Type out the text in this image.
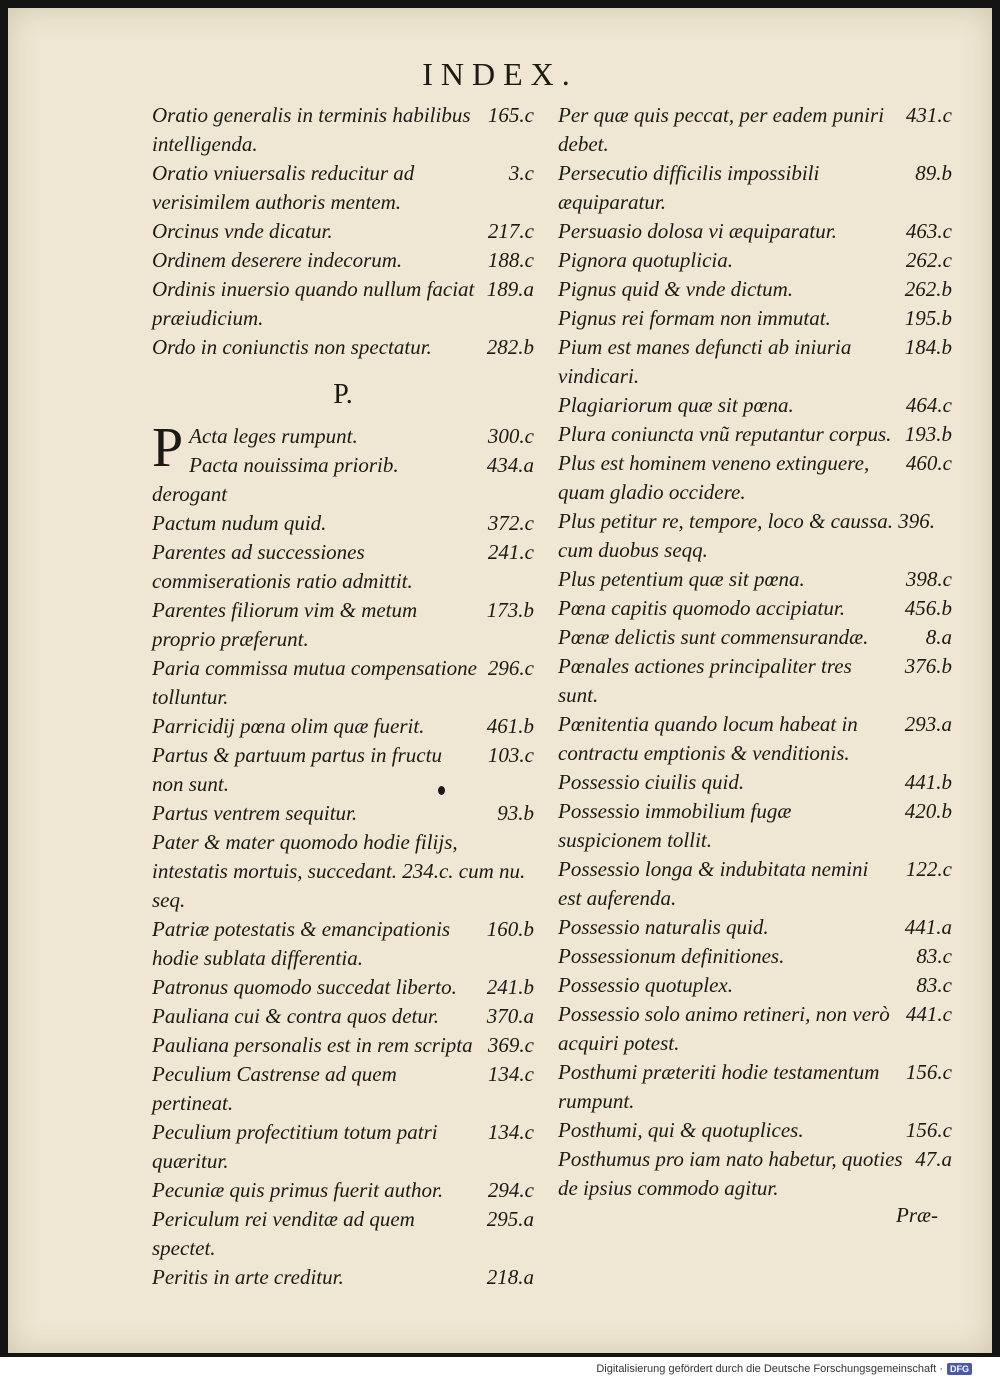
INDEX.
165.c
Oratio generalis in terminis habilibus intelligenda.
3.c
Oratio vniuersalis reducitur ad verisimilem authoris mentem.
217.c
Orcinus vnde dicatur.
188.c
Ordinem deserere indecorum.
189.a
Ordinis inuersio quando nullum faciat præiudicium.
282.b
Ordo in coniunctis non spectatur.
P.
P	300.c
Acta leges rumpunt.
434.a
Pacta nouissima priorib. derogant
372.c
Pactum nudum quid.
241.c
Parentes ad successiones commiserationis ratio admittit.
173.b
Parentes filiorum vim & metum proprio præferunt.
296.c
Paria commissa mutua compensatione tolluntur.
461.b
Parricidij pœna olim quæ fuerit.
103.c
Partus & partuum partus in fructu non sunt.
93.b
Partus ventrem sequitur.
Pater & mater quomodo hodie filijs, intestatis mortuis, succedant. 234.c. cum nu. seq.
160.b
Patriæ potestatis & emancipationis hodie sublata differentia.
241.b
Patronus quomodo succedat liberto.
370.a
Pauliana cui & contra quos detur.
369.c
Pauliana personalis est in rem scripta
134.c
Peculium Castrense ad quem pertineat.
134.c
Peculium profectitium totum patri quæritur.
294.c
Pecuniæ quis primus fuerit author.
295.a
Periculum rei venditæ ad quem spectet.
218.a
Peritis in arte creditur.
431.c
Per quæ quis peccat, per eadem puniri debet.
89.b
Persecutio difficilis impossibili æquiparatur.
463.c
Persuasio dolosa vi æquiparatur.
262.c
Pignora quotuplicia.
262.b
Pignus quid & vnde dictum.
195.b
Pignus rei formam non immutat.
184.b
Pium est manes defuncti ab iniuria vindicari.
464.c
Plagiariorum quæ sit pœna.
193.b
Plura coniuncta vnũ reputantur corpus.
460.c
Plus est hominem veneno extinguere, quam gladio occidere.
Plus petitur re, tempore, loco & caussa. 396. cum duobus seqq.
398.c
Plus petentium quæ sit pœna.
456.b
Pœna capitis quomodo accipiatur.
8.a
Pœnæ delictis sunt commensurandæ.
376.b
Pœnales actiones principaliter tres sunt.
293.a
Pœnitentia quando locum habeat in contractu emptionis & venditionis.
441.b
Possessio ciuilis quid.
420.b
Possessio immobilium fugæ suspicionem tollit.
122.c
Possessio longa & indubitata nemini est auferenda.
441.a
Possessio naturalis quid.
83.c
Possessionum definitiones.
83.c
Possessio quotuplex.
441.c
Possessio solo animo retineri, non verò acquiri potest.
156.c
Posthumi præteriti hodie testamentum rumpunt.
156.c
Posthumi, qui & quotuplices.
47.a
Posthumus pro iam nato habetur, quoties de ipsius commodo agitur.
Præ-
Digitalisierung gefördert durch die Deutsche Forschungsgemeinschaft · DFG
